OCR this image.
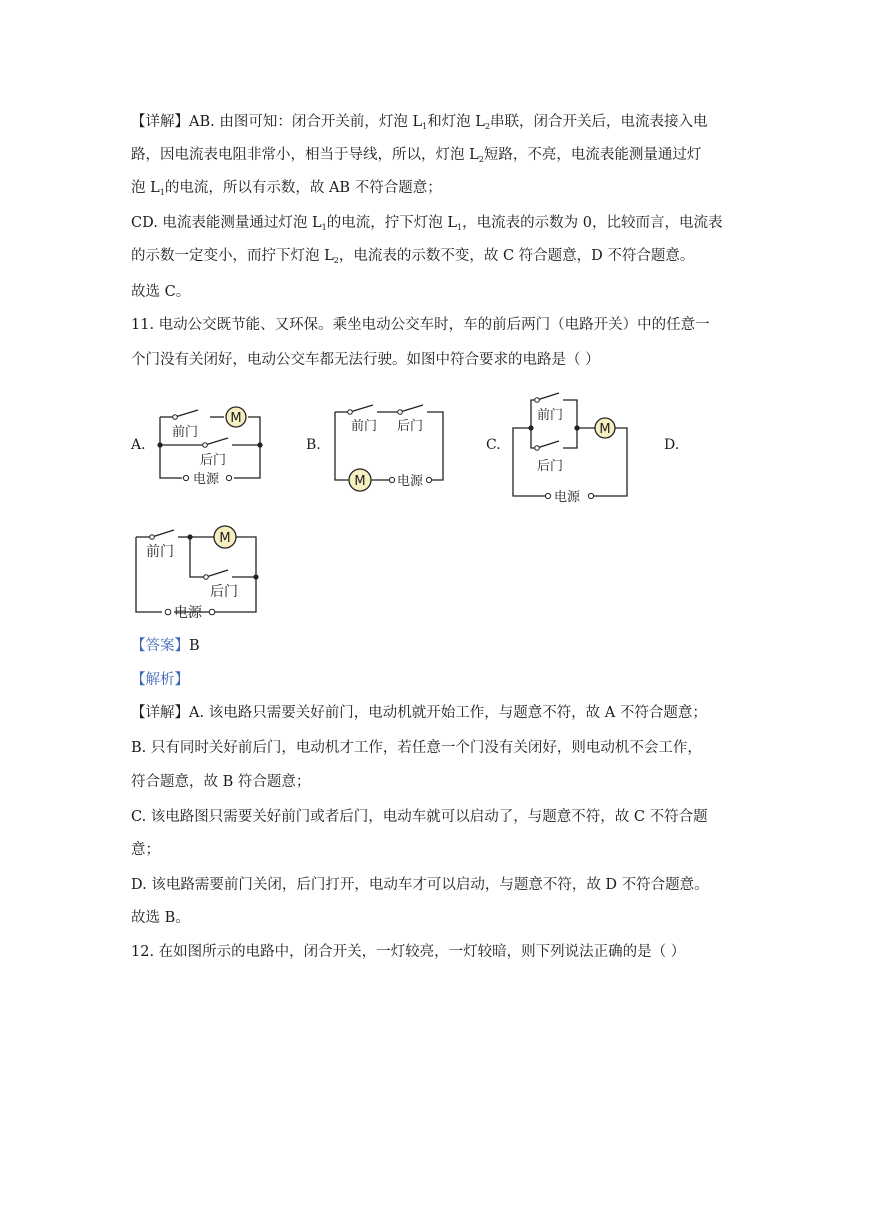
【详解】AB. 由图可知：闭合开关前，灯泡 $L_1$和灯泡 $L_2$串联，闭合开关后，电流表接入电
路，因电流表电阻非常小，相当于导线，所以，灯泡 $L_2$短路，不亮，电流表能测量通过灯
泡 $L_1$的电流，所以有示数，故 AB 不符合题意；
CD. 电流表能测量通过灯泡 $L_1$的电流，拧下灯泡 $L_1$，电流表的示数为 0，比较而言，电流表
的示数一定变小，而拧下灯泡 $L_2$，电流表的示数不变，故 C 符合题意，D 不符合题意。
故选 C。
11. 电动公交既节能、又环保。乘坐电动公交车时，车的前后两门（电路开关）中的任意一
个门没有关闭好，电动公交车都无法行驶。如图中符合要求的电路是（ ）
A.	B.	C.	D.
M
前门
后门
电源	M
前门 后门
电源
M
前门
后门
电源
M
前门
后门
电源
【答案】B
【解析】
【详解】A. 该电路只需要关好前门，电动机就开始工作，与题意不符，故 A 不符合题意；
B. 只有同时关好前后门，电动机才工作，若任意一个门没有关闭好，则电动机不会工作，
符合题意，故 B 符合题意；
C. 该电路图只需要关好前门或者后门，电动车就可以启动了，与题意不符，故 C 不符合题
意；
D. 该电路需要前门关闭，后门打开，电动车才可以启动，与题意不符，故 D 不符合题意。
故选 B。
12. 在如图所示的电路中，闭合开关，一灯较亮，一灯较暗，则下列说法正确的是（ ）
